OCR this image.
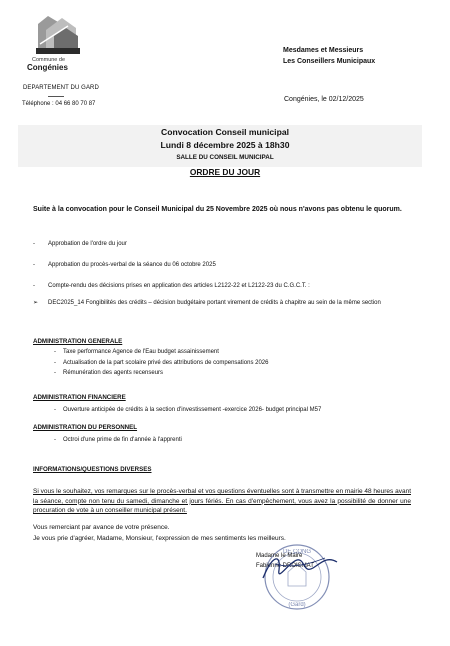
Commune de
Congénies
DEPARTEMENT DU GARD
Téléphone : 04 66 80 70 87
Mesdames et Messieurs
Les Conseillers Municipaux
Congénies, le 02/12/2025
Convocation Conseil municipal
Lundi 8 décembre 2025 à 18h30
SALLE DU CONSEIL MUNICIPAL
ORDRE DU JOUR
Suite à la convocation pour le Conseil Municipal du 25 Novembre 2025 où nous n'avons pas obtenu le quorum.
- Approbation de l'ordre du jour
- Approbation du procès-verbal de la séance du 06 octobre 2025
- Compte-rendu des décisions prises en application des articles L2122-22 et L2122-23 du C.G.C.T. :
➢ DEC2025_14 Fongibilités des crédits – décision budgétaire portant virement de crédits à chapitre au sein de la même section
ADMINISTRATION GENERALE
- Taxe performance Agence de l'Eau budget assainissement
- Actualisation de la part scolaire privé des attributions de compensations 2026
- Rémunération des agents recenseurs
ADMINISTRATION FINANCIERE
- Ouverture anticipée de crédits à la section d'investissement -exercice 2026- budget principal M57
ADMINISTRATION DU PERSONNEL
- Octroi d'une prime de fin d'année à l'apprenti
INFORMATIONS/QUESTIONS DIVERSES
Si vous le souhaitez, vos remarques sur le procès-verbal et vos questions éventuelles sont à transmettre en mairie 48 heures avant la séance, compte non tenu du samedi, dimanche et jours fériés. En cas d'empêchement, vous avez la possibilité de donner une procuration de vote à un conseiller municipal présent.
Vous remerciant par avance de votre présence.
Je vous prie d'agréer, Madame, Monsieur, l'expression de mes sentiments les meilleurs.
DE CONG
(Gard)
Madame le Maire
Fabienne DROISMAT
